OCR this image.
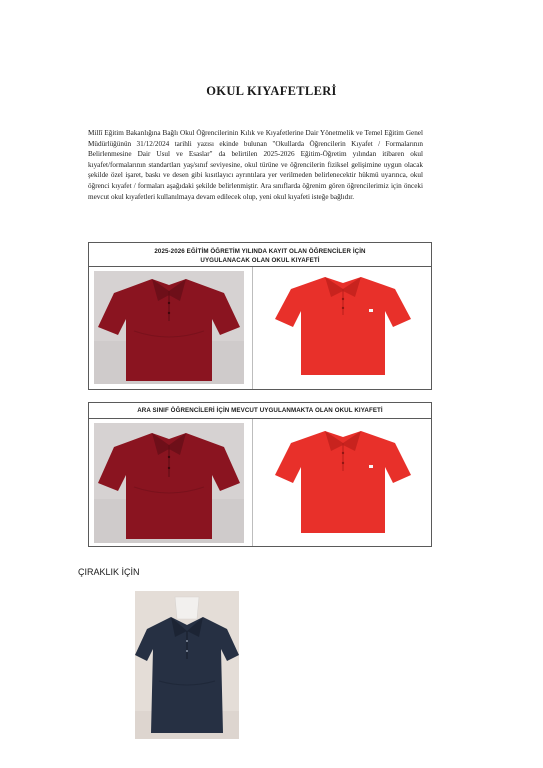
OKUL KIYAFETLERİ

Millî Eğitim Bakanlığına Bağlı Okul Öğrencilerinin Kılık ve Kıyafetlerine Dair Yönetmelik ve Temel Eğitim Genel Müdürlüğünün 31/12/2024 tarihli yazısı ekinde bulunan "Okullarda Öğrencilerin Kıyafet / Formalarının Belirlenmesine Dair Usul ve Esaslar" da belirtilen 2025-2026 Eğitim-Öğretim yılından itibaren okul kıyafet/formalarının standartları yaş/sınıf seviyesine, okul türüne ve öğrencilerin fiziksel gelişimine uygun olacak şekilde özel işaret, baskı ve desen gibi kısıtlayıcı ayrıntılara yer verilmeden belirlenecektir hükmü uyarınca, okul öğrenci kıyafet / formaları aşağıdaki şekilde belirlenmiştir. Ara sınıflarda öğrenim gören öğrencilerimiz için önceki mevcut okul kıyafetleri kullanılmaya devam edilecek olup, yeni okul kıyafeti isteğe bağlıdır.

2025-2026 EĞİTİM ÖĞRETİM YILINDA KAYIT OLAN ÖĞRENCİLER İÇİN
UYGULANACAK OLAN OKUL KIYAFETİ
ARA SINIF ÖĞRENCİLERİ İÇİN MEVCUT UYGULANMAKTA OLAN OKUL KIYAFETİ
ÇIRAKLIK İÇİN
